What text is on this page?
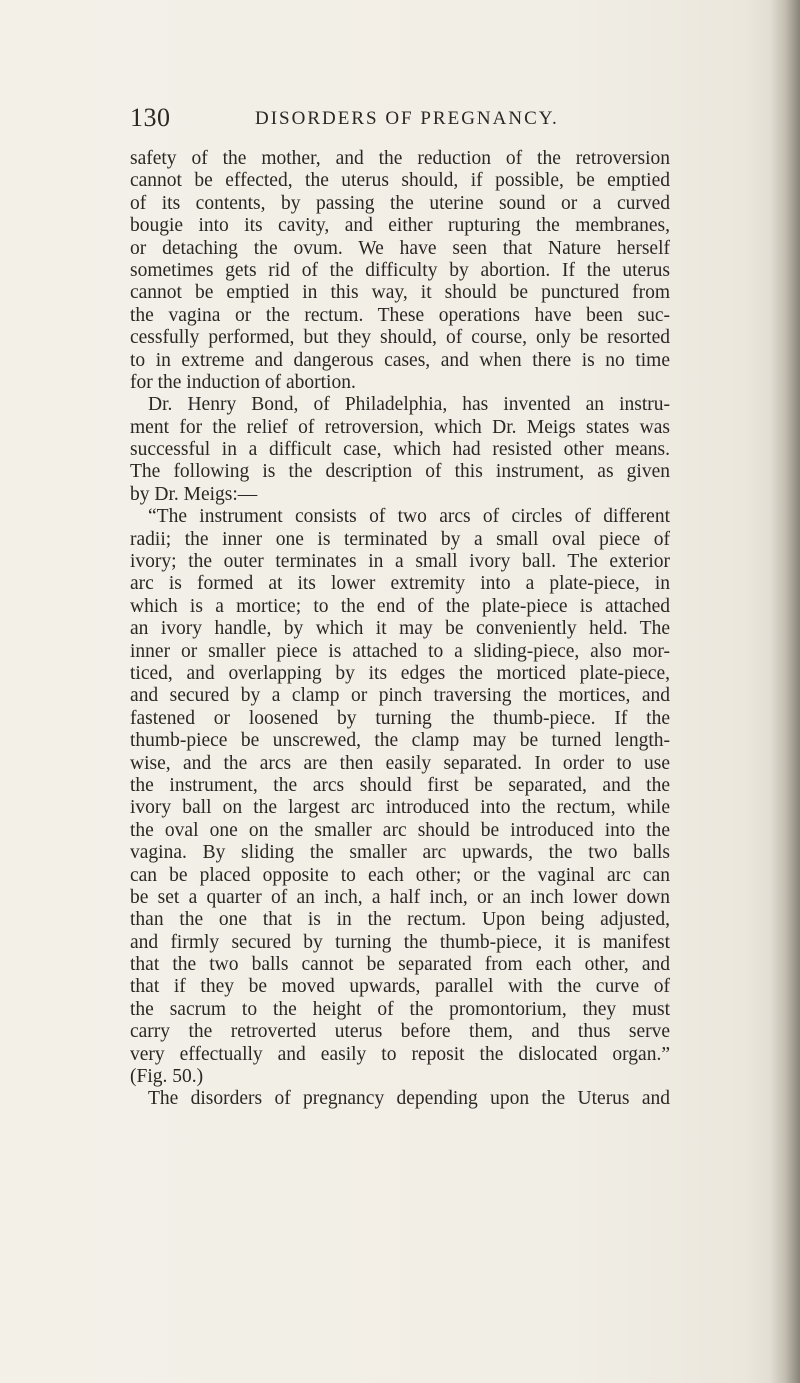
130	DISORDERS OF PREGNANCY.
safety of the mother, and the reduction of the retroversion
cannot be effected, the uterus should, if possible, be emptied
of its contents, by passing the uterine sound or a curved
bougie into its cavity, and either rupturing the membranes,
or detaching the ovum. We have seen that Nature herself
sometimes gets rid of the difficulty by abortion. If the uterus
cannot be emptied in this way, it should be punctured from
the vagina or the rectum. These operations have been suc-
cessfully performed, but they should, of course, only be resorted
to in extreme and dangerous cases, and when there is no time
for the induction of abortion.
Dr. Henry Bond, of Philadelphia, has invented an instru-
ment for the relief of retroversion, which Dr. Meigs states was
successful in a difficult case, which had resisted other means.
The following is the description of this instrument, as given
by Dr. Meigs:—
“The instrument consists of two arcs of circles of different
radii; the inner one is terminated by a small oval piece of
ivory; the outer terminates in a small ivory ball. The exterior
arc is formed at its lower extremity into a plate-piece, in
which is a mortice; to the end of the plate-piece is attached
an ivory handle, by which it may be conveniently held. The
inner or smaller piece is attached to a sliding-piece, also mor-
ticed, and overlapping by its edges the morticed plate-piece,
and secured by a clamp or pinch traversing the mortices, and
fastened or loosened by turning the thumb-piece. If the
thumb-piece be unscrewed, the clamp may be turned length-
wise, and the arcs are then easily separated. In order to use
the instrument, the arcs should first be separated, and the
ivory ball on the largest arc introduced into the rectum, while
the oval one on the smaller arc should be introduced into the
vagina. By sliding the smaller arc upwards, the two balls
can be placed opposite to each other; or the vaginal arc can
be set a quarter of an inch, a half inch, or an inch lower down
than the one that is in the rectum. Upon being adjusted,
and firmly secured by turning the thumb-piece, it is manifest
that the two balls cannot be separated from each other, and
that if they be moved upwards, parallel with the curve of
the sacrum to the height of the promontorium, they must
carry the retroverted uterus before them, and thus serve
very effectually and easily to reposit the dislocated organ.”
(Fig. 50.)
The disorders of pregnancy depending upon the Uterus and
